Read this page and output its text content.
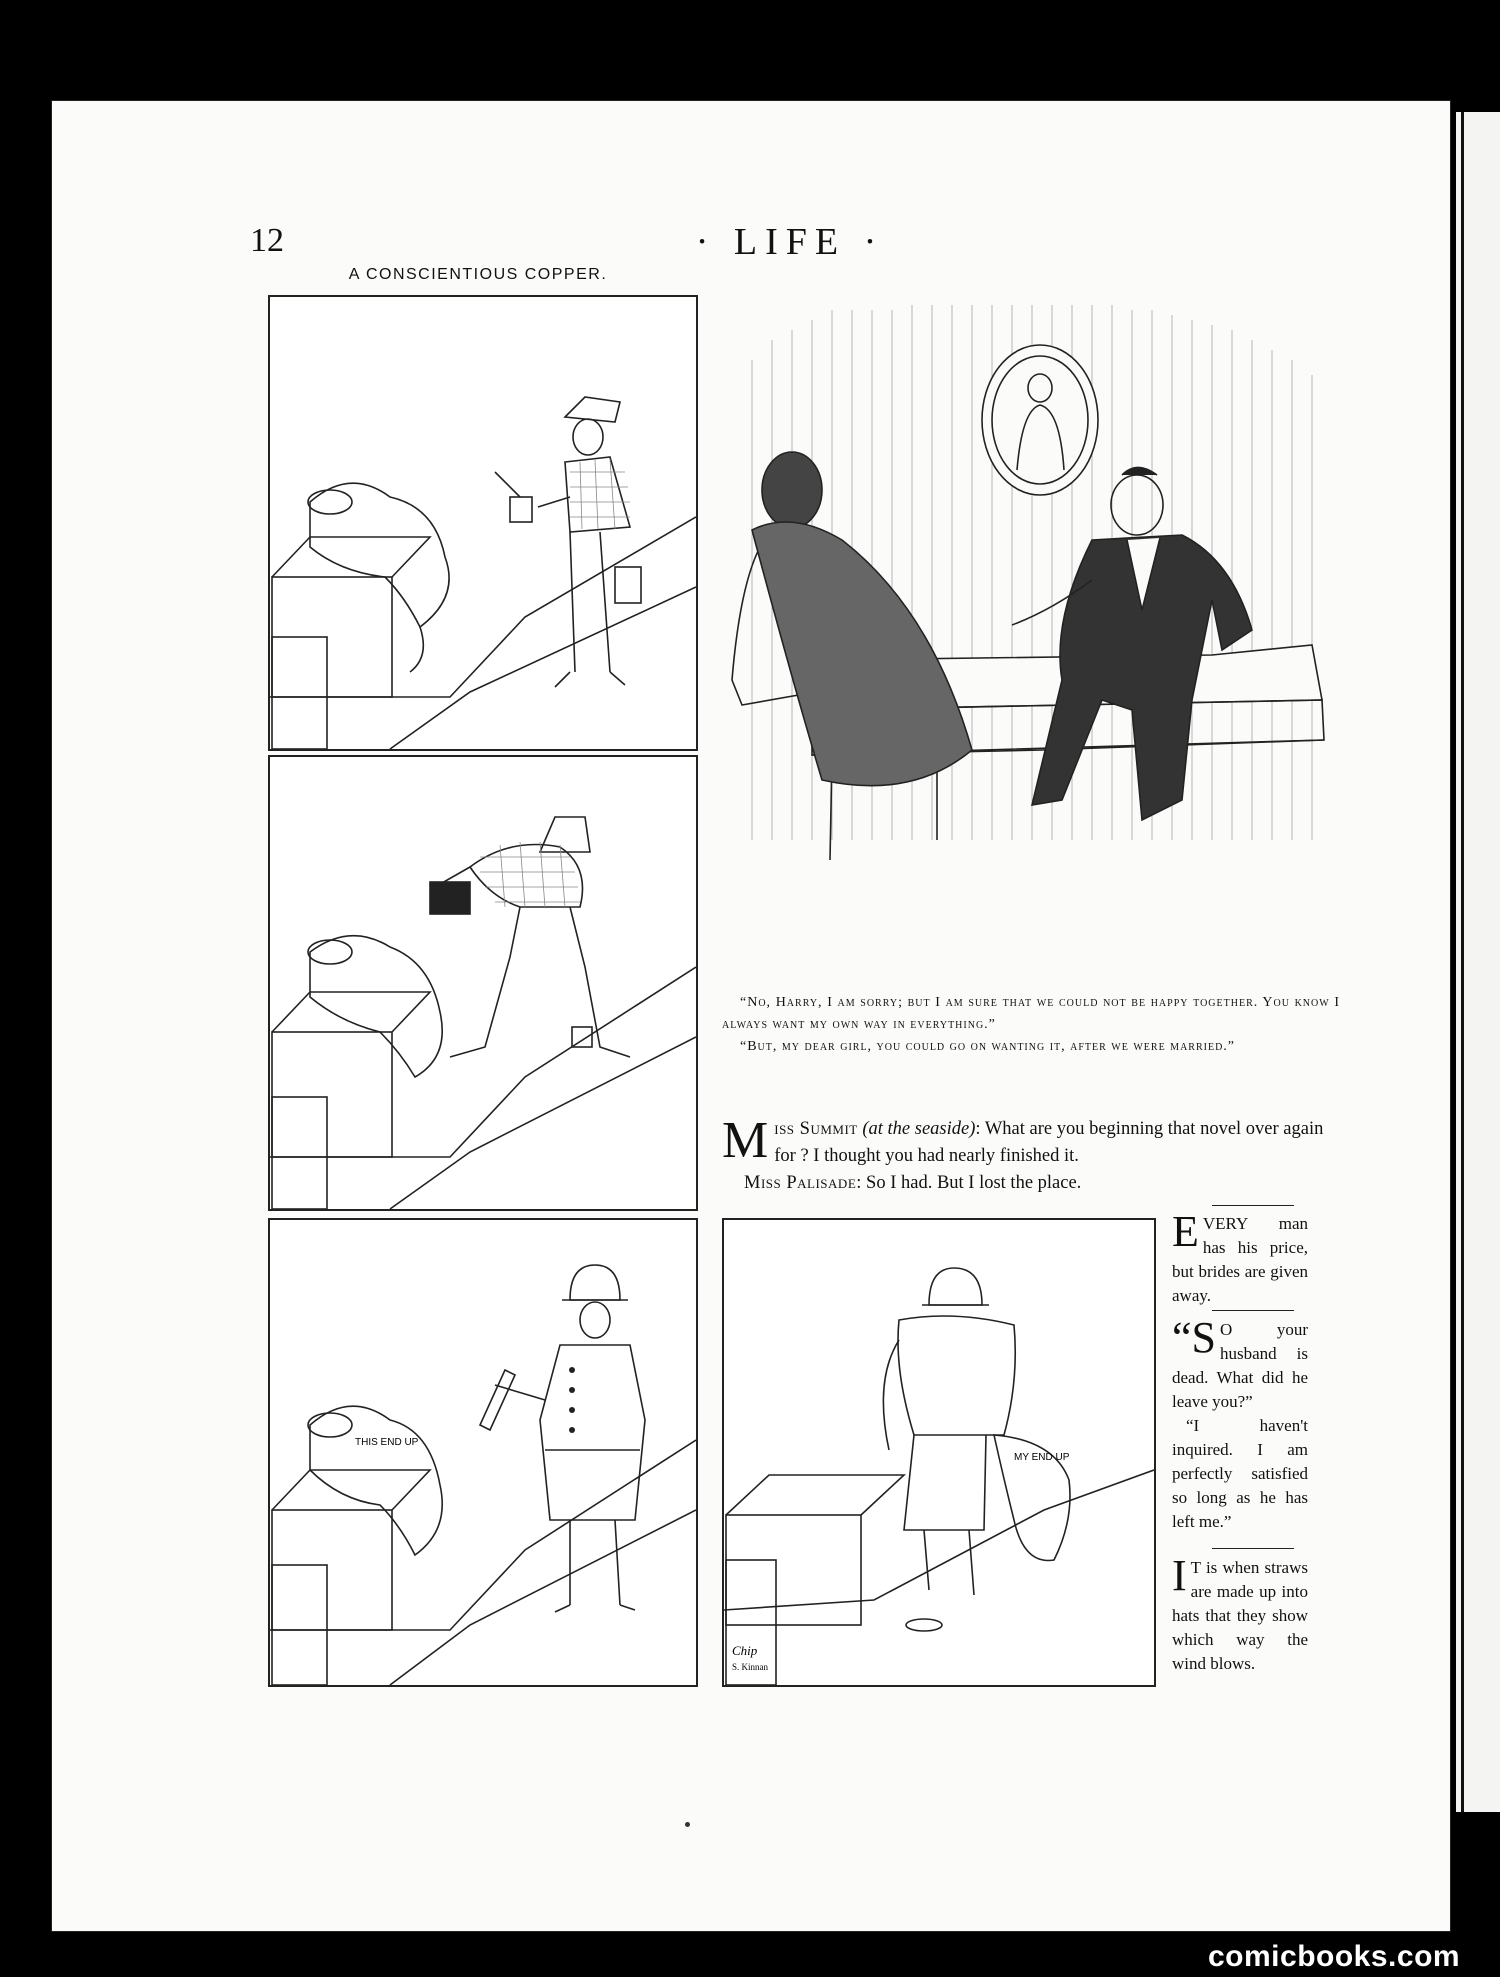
12	· LIFE ·
A CONSCIENTIOUS COPPER.
THIS END UP
MY END UP
Chip
S. Kinnan

“No, Harry, I am sorry; but I am sure that we could not be happy together. You know I always want my own way in everything.”

“But, my dear girl, you could go on wanting it, after we were married.”

Miss Summit (at the seaside): What are you beginning that novel over again for ? I thought you had nearly finished it.

Miss Palisade: So I had. But I lost the place.

EVERY man has his price, but brides are given away.
“S O your husband is dead. What did he leave you?”
“I haven't inquired. I am perfectly satisfied so long as he has left me.”
I T is when straws are made up into hats that they show which way the wind blows.
comicbooks.com
